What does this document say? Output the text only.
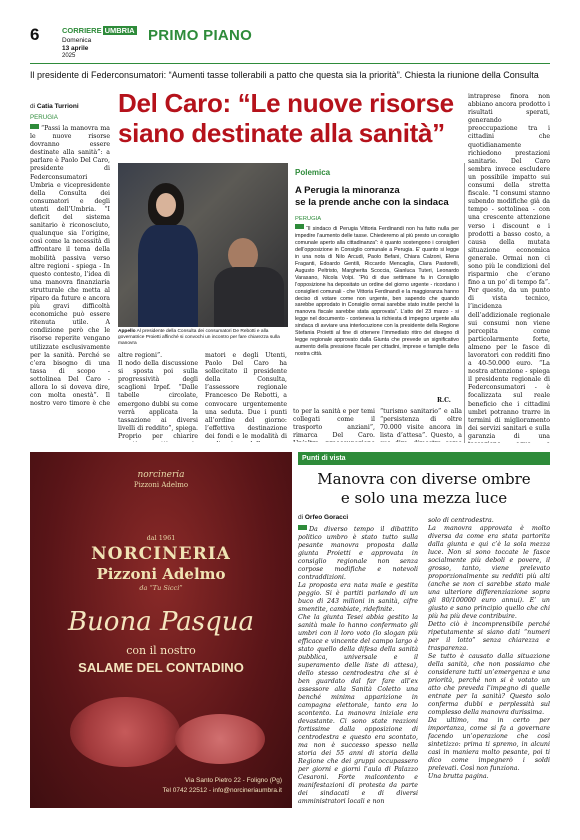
6	CORRIERE UMBRIA
Domenica
13 aprile
2025
PRIMO PIANO
Il presidente di Federconsumatori: “Aumenti tasse tollerabili a patto che questa sia la priorità”. Chiesta la riunione della Consulta
di Catia Turrioni
PERUGIA Del Caro: “Le nuove risorse
siano destinate alla sanità”
“Passi la manovra ma le nuove risorse dovranno essere destinate alla sanità”: a parlare è Paolo Del Caro, presidente di Federconsumatori Umbria e vicepresidente della Consulta dei consumatori e degli utenti dell’Umbria. “I deficit del sistema sanitario è riconosciuto, qualunque sia l’origine, così come la necessità di affrontare il tema della mobilità passiva verso altre regioni - spiega - In questo contesto, l’idea di una manovra finanziaria strutturale che metta al riparo da future e ancora più gravi difficoltà economiche può essere ritenuta utile. A condizione però che le risorse reperite vengano utilizzate esclusivamente per la sanità. Perché se c’era bisogno di una tassa di scopo - sottolinea Del Caro - allora lo si doveva dire, con molta onestà”. Il nostro vero timore è che
Appello Al presidente della Consulta dei consumatori De Rebotti e alla governatrice Proietti affinché si convochi un incontro per fare chiarezza sulla manovra
Polemica
A Perugia la minoranza
se la prende anche con la sindaca
PERUGIA
“Il sindaco di Perugia Vittoria Ferdinandi non ha fatto nulla per impedire l’aumento delle tasse. Chiederemo al più presto un consiglio comunale aperto alla cittadinanza”: è quanto sostengono i consiglieri dell’opposizione in Consiglio comunale a Perugia. E’ quanto si legge in una nota di Nilo Arcudi, Paolo Befani, Chiara Calzoni, Elena Fraganti, Edoardo Gentili, Riccardo Mencaglia, Clara Pastorelli, Augusto Peltristo, Margherita Scoccia, Gianluca Tuteri, Leonardo Varasano, Nicola Volpi. “Più di due settimane fa in Consiglio l’opposizione ha depositato un ordine del giorno urgente - ricordano i consiglieri comunali - che Vittoria Ferdinandi e la maggioranza hanno deciso di votare come non urgente, ben sapendo che quando sarebbe approdato in Consiglio ormai sarebbe stato inutile perché la manovra fiscale sarebbe stata approvata”. L’atto del 23 marzo - si legge nel documento - conteneva la richiesta di impegno urgente alla sindaca di avviare una interlocuzione con la presidente della Regione Stefania Proietti al fine di ottenere l’immediato ritiro del disegno di legge regionale approvato dalla Giunta che prevede un significativo aumento della pressione fiscale per cittadini, imprese e famiglie della nostra città.
R.C.

altre regioni”.
Il nodo della discussione si sposta poi sulla progressività degli scaglioni Irpef. “Dalle tabelle circolate, emergono dubbi su come verrà applicata la tassazione ai diversi livelli di reddito”, spiega. Proprio per chiarire

matori e degli Utenti, Paolo Del Caro ha sollecitato il presidente della Consulta, l’assessore regionale Francesco De Rebotti, a convocare urgentemente una seduta. Due i punti all’ordine del giorno: l’effettiva destinazione dei fondi e le modalità di

to per la sanità e per temi collegati come il trasporto anziani”, rimarca Del Caro.

“turismo sanitario” e alla “persistenza di oltre 70.000 visite ancora in lista d’attesa”. Questo, a

intraprese finora non abbiano ancora prodotto i risultati sperati, generando preoccupazione tra i cittadini che quotidianamente richiedono prestazioni sanitarie. Del Caro sembra invece escludere un possibile impatto sui consumi della stretta fiscale. “I consumi stanno subendo modifiche già da tempo - sottolinea - con una crescente attenzione verso i discount e i prodotti a basso costo, a causa della mutata situazione economica generale. Ormai non ci sono più le condizioni del risparmio che c’erano fino a un po’ di tempo fa”. Per questo, da un punto di vista tecnico, l’incidenza dell’addizionale regionale sui consumi non viene percepita come particolarmente forte, almeno per le fasce di lavoratori con redditi fino a 40-50.000 euro. “La nostra attenzione - spiega il presidente regionale di Federconsumatori - è focalizzata sul reale beneficio che i cittadini umbri potranno trarre in termini di miglioramento dei servizi sanitari e sulla garanzia di una

norcineria
Pizzoni Adelmo
dal 1961
NORCINERIA
Pizzoni Adelmo
da “Tu Sicci”
Buona Pasqua
con il nostro
SALAME DEL CONTADINO
Via Santo Pietro 22 - Foligno (Pg)
Tel 0742 22512 - info@norcineriaumbra.it
Punti di vista
Manovra con diverse ombre
e solo una mezza luce
di Orfeo Goracci
Da diverso tempo il dibattito politico umbro è stato tutto sulla pesante manovra proposta dalla giunta Proietti e approvata in consiglio regionale non senza corpose modifiche e notevoli contraddizioni.
La proposta era nata male e gestita peggio. Si è partiti parlando di un buco di 243 milioni in sanità, cifre smentite, cambiate, ridefinite.
Che la giunta Tesei abbia gestito la sanità male lo hanno confermato gli umbri con il loro voto (lo slogan più efficace e vincente del campo largo è stato quello della difesa della sanità pubblica, universale e il superamento delle liste di attesa), dello stesso centrodestra che si è ben guardato dal far fare all’ex assessore alla Sanità Coletto una benché minima apparizione in campagna elettorale, tanto era lo scontento. La manovra iniziale era devastante. Ci sono state reazioni fortissime dalla opposizione di centrodestra e questo era scontato, ma non è successo spesso nella storia dei 55 anni di storia della Regione che dei gruppi occupassero per giorni e giorni l’aula di Palazzo Cesaroni. Forte malcontento e manifestazioni di protesta da parte dei sindacati e di diversi amministratori locali e non

solo di centrodestra.
La manovra approvata è molto diversa da come era stata partorita dalla giunta e qui c’è la sola mezza luce. Non si sono toccate le fasce socialmente più deboli e povere, il grosso, tanto, viene prelevato proporzionalmente su redditi più alti (anche se non ci sarebbe stato male una ulteriore differenziazione sopra gli 80/100000 euro annui). E’ un giusto e sano principio quello che chi più ha più deve contribuire.
Detto ciò è incomprensibile perché ripetutamente si siano dati “numeri per il lotto” senza chiarezza e trasparenza.
Se tutto è causato dalla situazione della sanità, che non possiamo che considerare tutti un’emergenza e una priorità, perché non si è votato un atto che preveda l’impegno di quelle entrate per la sanità? Questo solo conferma dubbi e perplessità sul complesso della manovra durissima.
Da ultimo, ma in certo per importanza, come si fa a governare facendo un’operazione che così sintetizzo: prima ti spremo, in alcuni casi in maniera molto pesante, poi ti dico come impegnerò i soldi prelevati. Così non funziona.
Una brutta pagina.
